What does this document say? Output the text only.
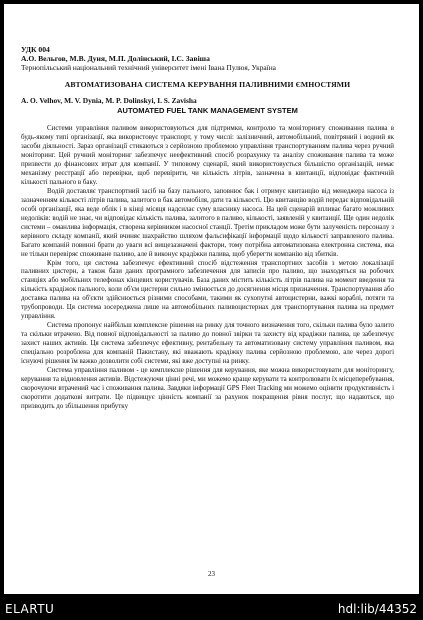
УДК 004
А.О. Вельгов, М.В. Дуня, М.П. Долінський, І.С. Завіша
Тернопільський національний технічний університет імені Івана Пулюя, Україна
АВТОМАТИЗОВАНА СИСТЕМА КЕРУВАННЯ ПАЛИВНИМИ ЄМНОСТЯМИ
A. O. Velhov, M. V. Dynia, M. P. Dolinskyi, I. S. Zavisha
AUTOMATED FUEL TANK MANAGEMENT SYSTEM

Системи управління паливом використовуються для підтримки, контролю та моніторингу споживання палива в будь-якому типі організації, яка використовує транспорт, у тому числі: залізничний, автомобільний, повітряний і водний як засоби діяльності. Зараз організації стикаються з серйозною проблемою управління транспортуванням палива через ручний моніторинг. Цей ручний моніторинг забезпечує неефективний спосіб розрахунку та аналізу споживання палива та може призвести до фінансових втрат для компанії. У типовому сценарії, який використовується більшістю організацій, немає механізму реєстрації або перевірки, щоб перевірити, чи кількість літрів, зазначена в квитанції, відповідає фактичній кількості пального в баку.

Водій доставляє транспортний засіб на базу пального, заповнює бак і отримує квитанцію від менеджера насоса із зазначенням кількості літрів палива, залитого в бак автомобіля, дати та кількості. Цю квитанцію водій передає відповідальній особі організації, яка веде облік і в кінці місяця надсилає суму власнику насоса. На цей сценарій впливає багато можливих недоліків: водій не знає, чи відповідає кількість палива, залитого в паливо, кількості, заявленій у квитанції. Ще один недолік системи – оманлива інформація, створена керівником насосної станції. Третім прикладом може бути залученість персоналу з керівного складу компанії, який вчиняє шахрайство шляхом фальсифікації інформації щодо кількості заправленого палива. Багато компаній повинні брати до уваги всі вищезазначені фактори, тому потрібна автоматизована електронна система, яка не тільки перевіряє споживане паливо, але й виконує крадіжки палива, щоб уберегти компанію від збитків.

Крім того, ця система забезпечує ефективний спосіб відстеження транспортних засобів з метою локалізації паливних цистерн, а також бази даних програмного забезпечення для записів про паливо, що знаходяться на робочих станціях або мобільних телефонах кінцевих користувачів. База даних містить кількість літрів палива на момент введення та кількість крадіжок пального, коли об'єм цистерни сильно змінюється до досягнення місця призначення. Транспортування або доставка палива на об'єкти здійснюється різними способами, такими як сухопутні автоцистерни, важкі кораблі, потяги та трубопроводи. Ця система зосереджена лише на автомобільних паливоцистернах для транспортування палива на предмет управління.

Система пропонує найбільш комплексне рішення на ринку для точного визначення того, скільки палива було залито та скільки втрачено. Від повної відповідальності за паливо до повної звірки та захисту від крадіжки палива, це забезпечує захист наших активів. Ця система забезпечує ефективну, рентабельну та автоматизовану систему управління паливом, яка спеціально розроблена для компаній Пакистану, які вважають крадіжку палива серйозною проблемою, але через дорогі існуючі рішення їм важко дозволити собі системи, які вже доступні на ринку.

Система управління паливом - це комплексне рішення для керування, яке можна використовувати для моніторингу, керування та відновлення активів. Відстежуючи цінні речі, ми можемо краще керувати та контролювати їх місцеперебування, скорочуючи втрачений час і споживання палива. Завдяки інформації GPS Fleet Tracking ми можемо оцінити продуктивність і скоротити додаткові витрати. Це підвищує цінність компанії за рахунок покращення рівня послуг, що надаються, що призводить до збільшення прибутку

23
ELARTU	hdl:lib/44352
